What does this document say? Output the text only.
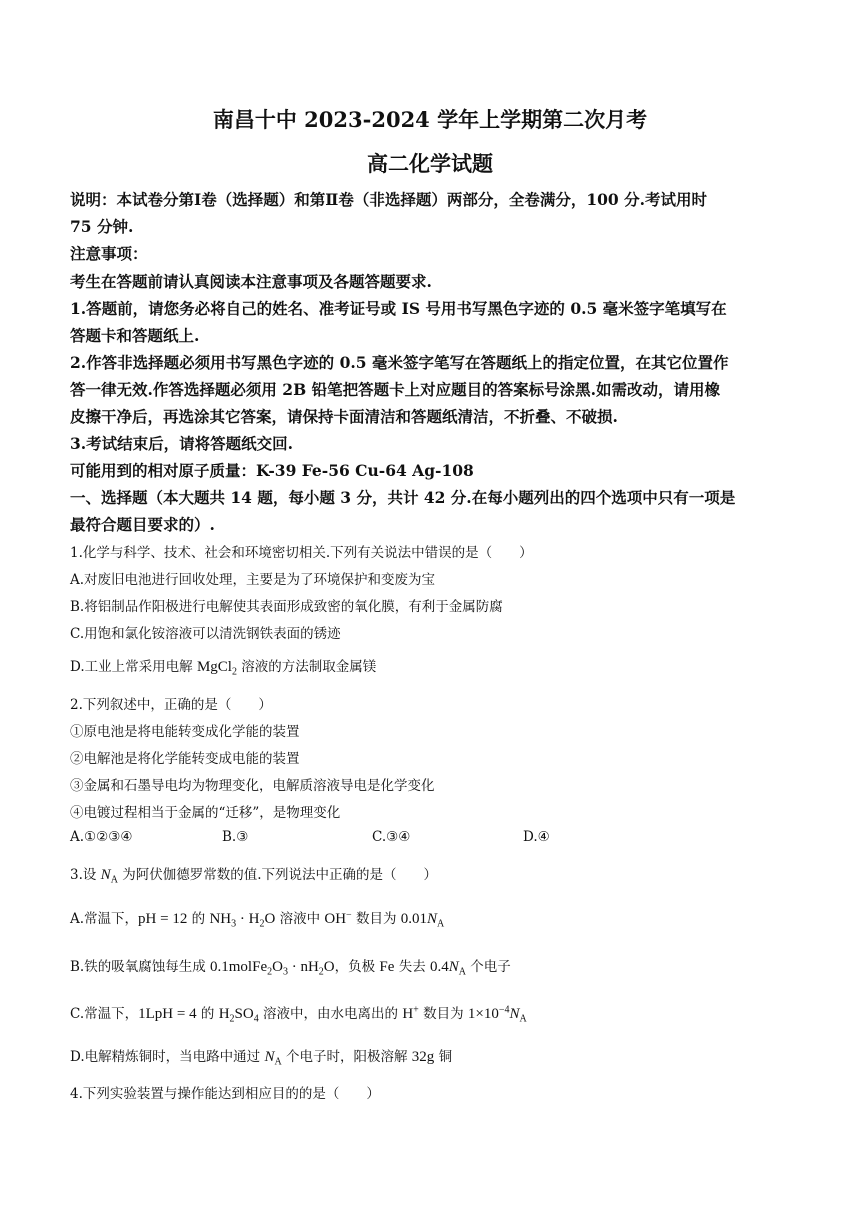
南昌十中 2023-2024 学年上学期第二次月考
高二化学试题
说明：本试卷分第Ⅰ卷（选择题）和第Ⅱ卷（非选择题）两部分，全卷满分，100 分.考试用时
75 分钟.
注意事项：
考生在答题前请认真阅读本注意事项及各题答题要求.
1.答题前，请您务必将自己的姓名、准考证号或 IS 号用书写黑色字迹的 0.5 毫米签字笔填写在
答题卡和答题纸上.
2.作答非选择题必须用书写黑色字迹的 0.5 毫米签字笔写在答题纸上的指定位置，在其它位置作
答一律无效.作答选择题必须用 2B 铅笔把答题卡上对应题目的答案标号涂黑.如需改动，请用橡
皮擦干净后，再选涂其它答案，请保持卡面清洁和答题纸清洁，不折叠、不破损.
3.考试结束后，请将答题纸交回.
可能用到的相对原子质量：K-39 Fe-56 Cu-64 Ag-108
一、选择题（本大题共 14 题，每小题 3 分，共计 42 分.在每小题列出的四个选项中只有一项是
最符合题目要求的）.
1.化学与科学、技术、社会和环境密切相关.下列有关说法中错误的是（　　）
A.对废旧电池进行回收处理，主要是为了环境保护和变废为宝
B.将铝制品作阳极进行电解使其表面形成致密的氧化膜，有利于金属防腐
C.用饱和氯化铵溶液可以清洗钢铁表面的锈迹
D.工业上常采用电解 MgCl$_2$ 溶液的方法制取金属镁
2.下列叙述中，正确的是（　　）
①原电池是将电能转变成化学能的装置
②电解池是将化学能转变成电能的装置
③金属和石墨导电均为物理变化，电解质溶液导电是化学变化
④电镀过程相当于金属的“迁移”，是物理变化
A.①②③④	B.③	C.③④	D.④
3.设 $N_A$ 为阿伏伽德罗常数的值.下列说法中正确的是（　　）
A.常温下，pH = 12 的 $NH_3 \cdot H_2O$ 溶液中 OH− 数目为 $0.01N_A$
B.铁的吸氧腐蚀每生成 $0.1molFe_2O_3 \cdot nH_2O$，负极 Fe 失去 $0.4N_A$ 个电子
C.常温下，1LpH = 4 的 $H_2SO_4$ 溶液中，由水电离出的 H+ 数目为 $1\times 10^{-4}N_A$
D.电解精炼铜时，当电路中通过 $N_A$ 个电子时，阳极溶解 32g 铜
4.下列实验装置与操作能达到相应目的的是（　　）
